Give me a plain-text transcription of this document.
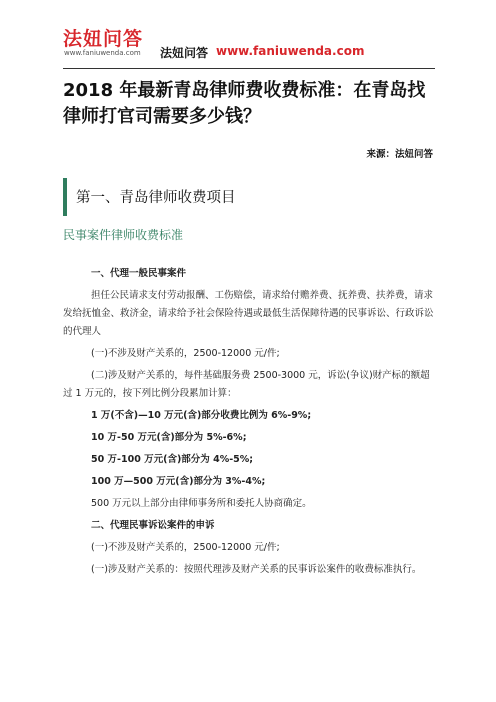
法妞问答
www.faniuwenda.com 法妞问答 www.faniuwenda.com
2018 年最新青岛律师费收费标准：在青岛找律师打官司需要多少钱？
来源：法妞问答
第一、青岛律师收费项目
民事案件律师收费标准

一、代理一般民事案件

担任公民请求支付劳动报酬、工伤赔偿，请求给付赡养费、抚养费、扶养费，请求发给抚恤金、救济金，请求给予社会保险待遇或最低生活保障待遇的民事诉讼、行政诉讼的代理人

(一)不涉及财产关系的，2500-12000 元/件;

(二)涉及财产关系的，每件基础服务费 2500-3000 元，诉讼(争议)财产标的额超过 1 万元的，按下列比例分段累加计算：

1 万(不含)—10 万元(含)部分收费比例为 6%-9%;

10 万-50 万元(含)部分为 5%-6%;

50 万-100 万元(含)部分为 4%-5%;

100 万—500 万元(含)部分为 3%-4%;

500 万元以上部分由律师事务所和委托人协商确定。

二、代理民事诉讼案件的申诉

(一)不涉及财产关系的，2500-12000 元/件;

(一)涉及财产关系的：按照代理涉及财产关系的民事诉讼案件的收费标准执行。
